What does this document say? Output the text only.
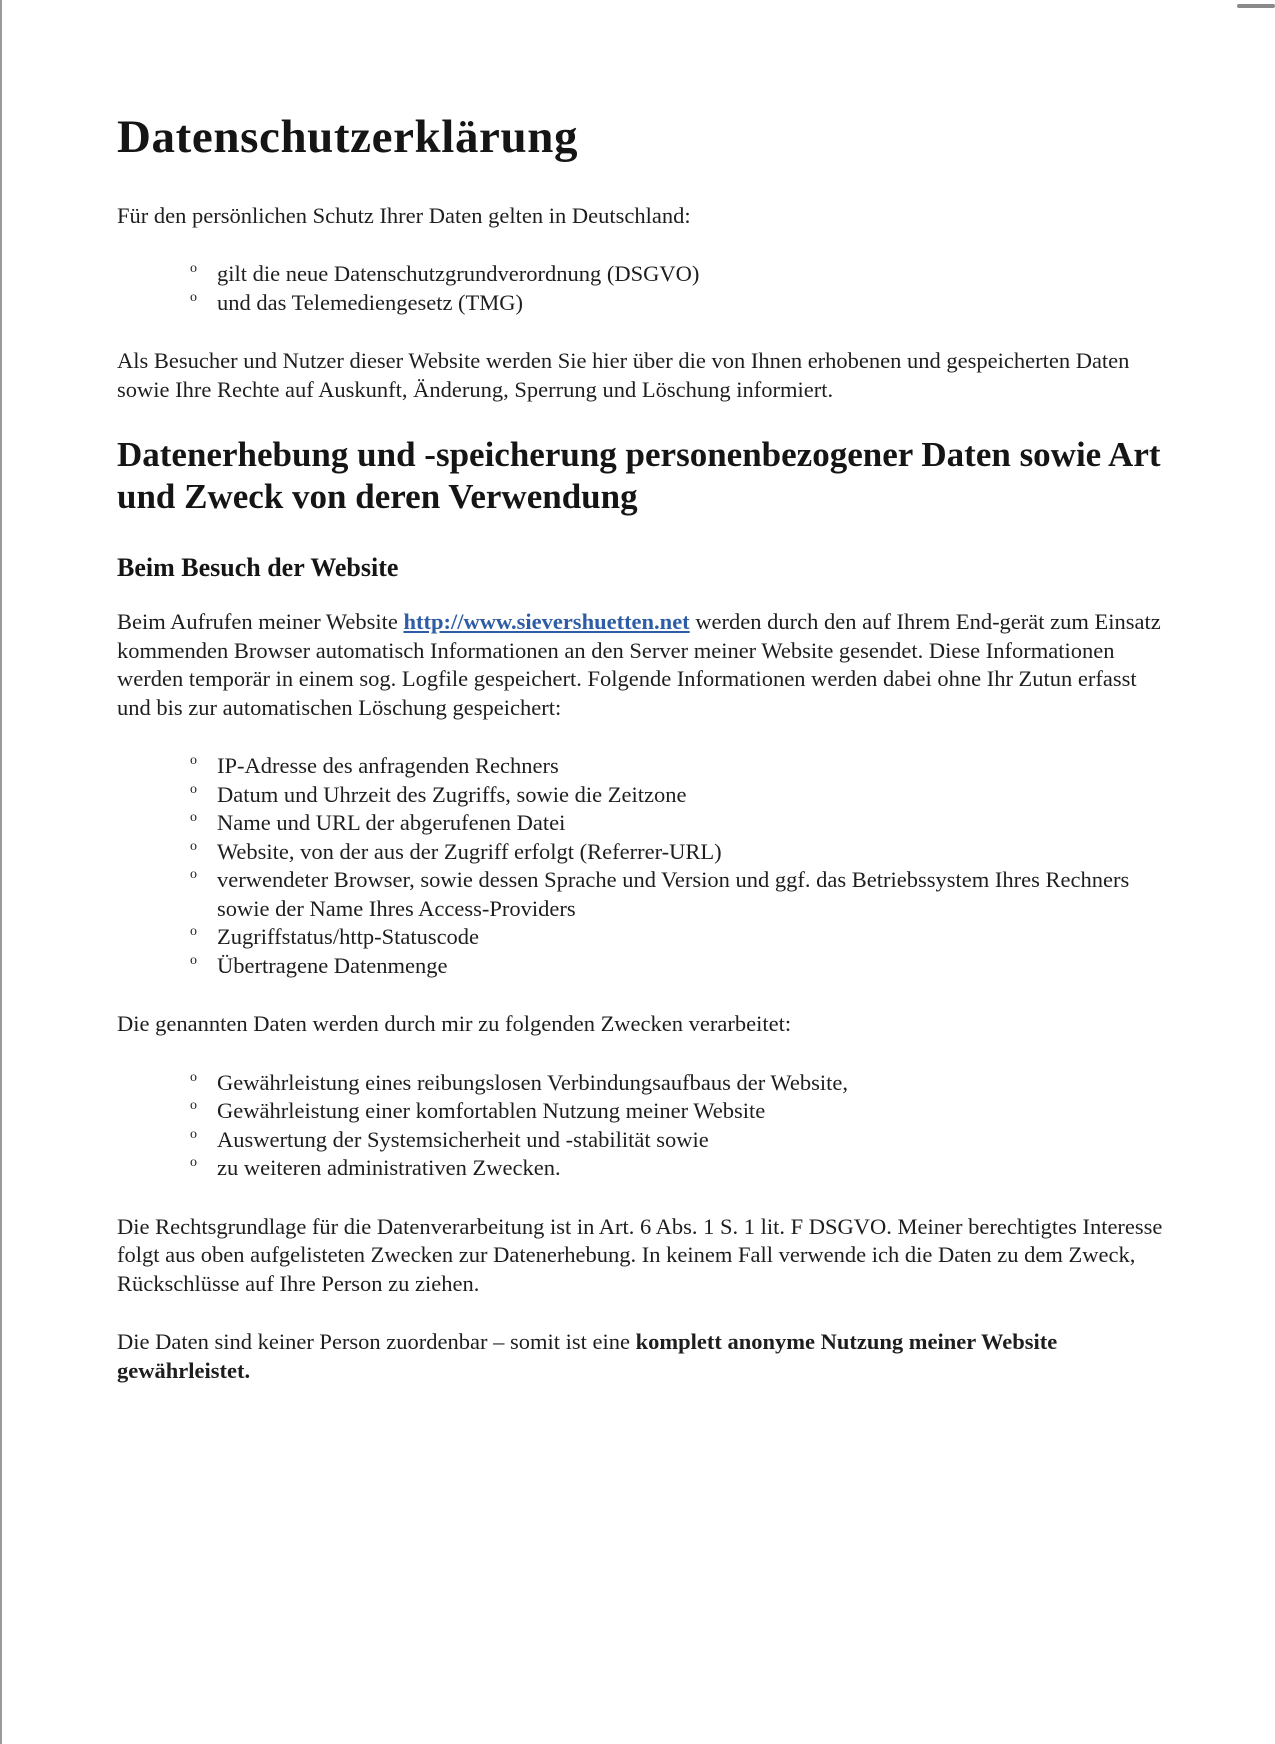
Datenschutzerklärung

Für den persönlichen Schutz Ihrer Daten gelten in Deutschland:

o gilt die neue Datenschutzgrundverordnung (DSGVO)
o und das Telemediengesetz (TMG)

Als Besucher und Nutzer dieser Website werden Sie hier über die von Ihnen erhobenen und gespeicherten Daten sowie Ihre Rechte auf Auskunft, Änderung, Sperrung und Löschung informiert.

Datenerhebung und -speicherung personenbezogener Daten sowie Art und Zweck von deren Verwendung
Beim Besuch der Website

Beim Aufrufen meiner Website http://www.sievershuetten.net werden durch den auf Ihrem End-gerät zum Einsatz kommenden Browser automatisch Informationen an den Server meiner Website gesendet. Diese Informationen werden temporär in einem sog. Logfile gespeichert. Folgende Informationen werden dabei ohne Ihr Zutun erfasst und bis zur automatischen Löschung gespeichert:

o IP-Adresse des anfragenden Rechners
o Datum und Uhrzeit des Zugriffs, sowie die Zeitzone
o Name und URL der abgerufenen Datei
o Website, von der aus der Zugriff erfolgt (Referrer-URL)
o verwendeter Browser, sowie dessen Sprache und Version und ggf. das Betriebssystem Ihres Rechners sowie der Name Ihres Access-Providers
o Zugriffstatus/http-Statuscode
o Übertragene Datenmenge

Die genannten Daten werden durch mir zu folgenden Zwecken verarbeitet:

o Gewährleistung eines reibungslosen Verbindungsaufbaus der Website,
o Gewährleistung einer komfortablen Nutzung meiner Website
o Auswertung der Systemsicherheit und -stabilität sowie
o zu weiteren administrativen Zwecken.

Die Rechtsgrundlage für die Datenverarbeitung ist in Art. 6 Abs. 1 S. 1 lit. F DSGVO. Meiner berechtigtes Interesse folgt aus oben aufgelisteten Zwecken zur Datenerhebung. In keinem Fall verwende ich die Daten zu dem Zweck, Rückschlüsse auf Ihre Person zu ziehen.

Die Daten sind keiner Person zuordenbar – somit ist eine komplett anonyme Nutzung meiner Website gewährleistet.
